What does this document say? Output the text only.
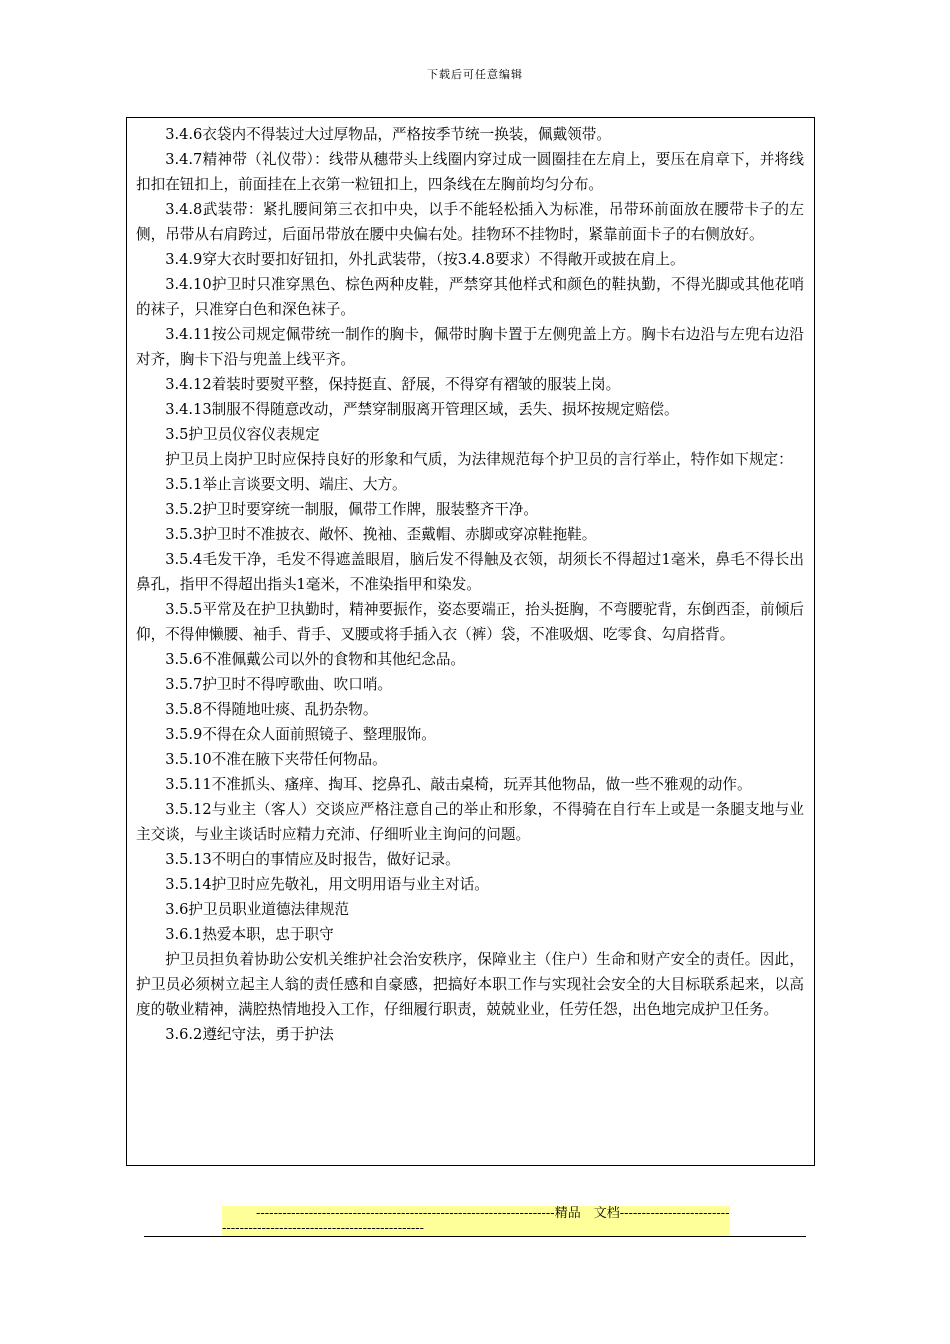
下载后可任意编辑

3.4.6衣袋内不得装过大过厚物品，严格按季节统一换装，佩戴领带。

3.4.7精神带（礼仪带）：线带从穗带头上线圈内穿过成一圆圈挂在左肩上，要压在肩章下，并将线扣扣在钮扣上，前面挂在上衣第一粒钮扣上，四条线在左胸前均匀分布。

3.4.8武装带：紧扎腰间第三衣扣中央，以手不能轻松插入为标准，吊带环前面放在腰带卡子的左侧，吊带从右肩跨过，后面吊带放在腰中央偏右处。挂物环不挂物时，紧靠前面卡子的右侧放好。

3.4.9穿大衣时要扣好钮扣，外扎武装带，（按3.4.8要求）不得敞开或披在肩上。

3.4.10护卫时只准穿黑色、棕色两种皮鞋，严禁穿其他样式和颜色的鞋执勤，不得光脚或其他花哨的袜子，只准穿白色和深色袜子。

3.4.11按公司规定佩带统一制作的胸卡，佩带时胸卡置于左侧兜盖上方。胸卡右边沿与左兜右边沿对齐，胸卡下沿与兜盖上线平齐。

3.4.12着装时要熨平整，保持挺直、舒展，不得穿有褶皱的服装上岗。

3.4.13制服不得随意改动，严禁穿制服离开管理区域，丢失、损坏按规定赔偿。

3.5护卫员仪容仪表规定

护卫员上岗护卫时应保持良好的形象和气质，为法律规范每个护卫员的言行举止，特作如下规定：

3.5.1举止言谈要文明、端庄、大方。

3.5.2护卫时要穿统一制服，佩带工作牌，服装整齐干净。

3.5.3护卫时不准披衣、敞怀、挽袖、歪戴帽、赤脚或穿凉鞋拖鞋。

3.5.4毛发干净，毛发不得遮盖眼眉，脑后发不得触及衣领，胡须长不得超过1毫米，鼻毛不得长出鼻孔，指甲不得超出指头1毫米，不准染指甲和染发。

3.5.5平常及在护卫执勤时，精神要振作，姿态要端正，抬头挺胸，不弯腰驼背，东倒西歪，前倾后仰，不得伸懒腰、袖手、背手、叉腰或将手插入衣（裤）袋，不准吸烟、吃零食、勾肩搭背。

3.5.6不准佩戴公司以外的食物和其他纪念品。

3.5.7护卫时不得哼歌曲、吹口哨。

3.5.8不得随地吐痰、乱扔杂物。

3.5.9不得在众人面前照镜子、整理服饰。

3.5.10不准在腋下夹带任何物品。

3.5.11不准抓头、瘙痒、掏耳、挖鼻孔、敲击桌椅，玩弄其他物品，做一些不雅观的动作。

3.5.12与业主（客人）交谈应严格注意自己的举止和形象，不得骑在自行车上或是一条腿支地与业主交谈，与业主谈话时应精力充沛、仔细听业主询问的问题。

3.5.13不明白的事情应及时报告，做好记录。

3.5.14护卫时应先敬礼，用文明用语与业主对话。

3.6护卫员职业道德法律规范

3.6.1热爱本职，忠于职守

护卫员担负着协助公安机关维护社会治安秩序，保障业主（住户）生命和财产安全的责任。因此，护卫员必须树立起主人翁的责任感和自豪感，把搞好本职工作与实现社会安全的大目标联系起来，以高度的敬业精神，满腔热情地投入工作，仔细履行职责，兢兢业业，任劳任怨，出色地完成护卫任务。

3.6.2遵纪守法，勇于护法

--------------------------------------------------------------------精品　文档-----------------------------------------------------------------------
